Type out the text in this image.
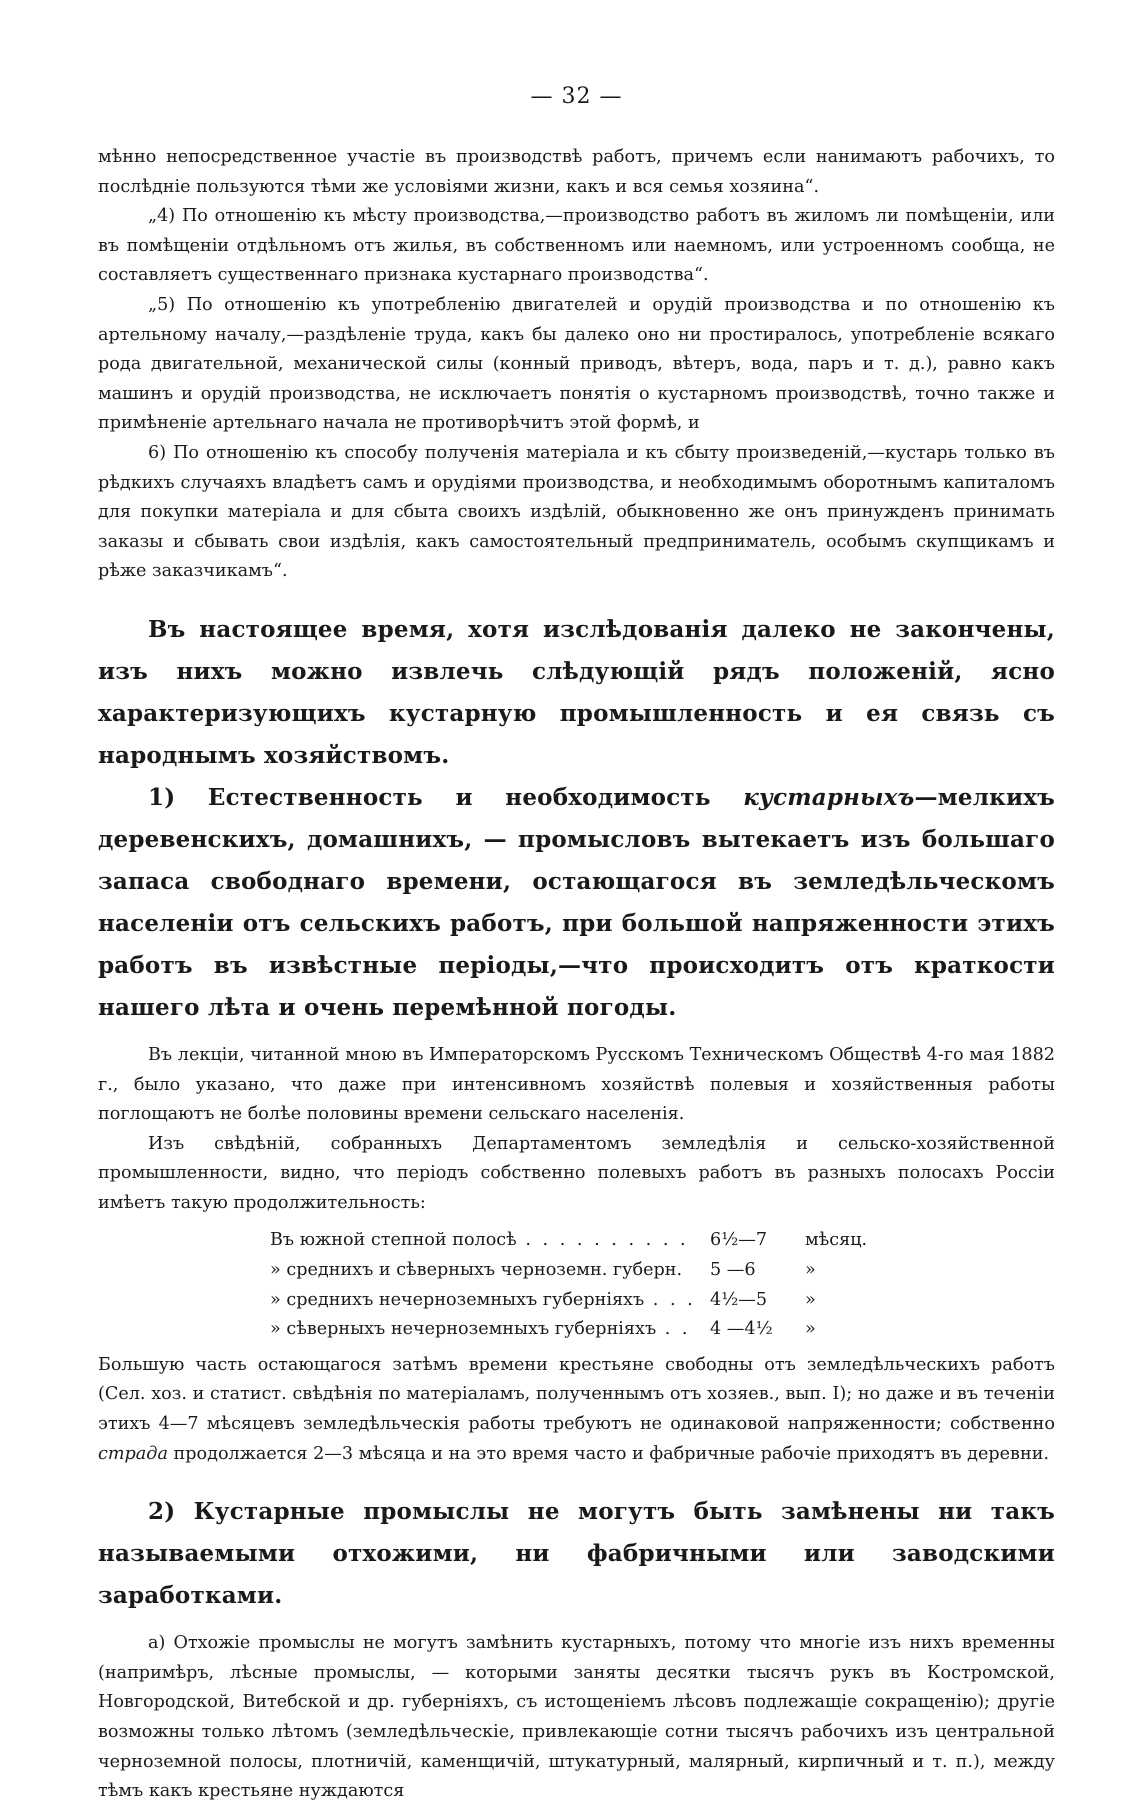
— 32 —

мѣнно непосредственное участіе въ производствѣ работъ, причемъ если нанимаютъ рабочихъ, то послѣдніе пользуются тѣми же условіями жизни, какъ и вся семья хозяина“.

„4) По отношенію къ мѣсту производства,—производство работъ въ жиломъ ли помѣщеніи, или въ помѣщеніи отдѣльномъ отъ жилья, въ собственномъ или наемномъ, или устроенномъ сообща, не составляетъ существеннаго признака кустарнаго производства“.

„5) По отношенію къ употребленію двигателей и орудій производства и по отношенію къ артельному началу,—раздѣленіе труда, какъ бы далеко оно ни простиралось, употребленіе всякаго рода двигательной, механической силы (конный приводъ, вѣтеръ, вода, паръ и т. д.), равно какъ машинъ и орудій производства, не исключаетъ понятія о кустарномъ производствѣ, точно также и примѣненіе артельнаго начала не противорѣчитъ этой формѣ, и

6) По отношенію къ способу полученія матеріала и къ сбыту произведеній,—кустарь только въ рѣдкихъ случаяхъ владѣетъ самъ и орудіями производства, и необходимымъ оборотнымъ капиталомъ для покупки матеріала и для сбыта своихъ издѣлій, обыкновенно же онъ принужденъ принимать заказы и сбывать свои издѣлія, какъ самостоятельный предприниматель, особымъ скупщикамъ и рѣже заказчикамъ“.

Въ настоящее время, хотя изслѣдованія далеко не закончены, изъ нихъ можно извлечь слѣдующій рядъ положеній, ясно характеризующихъ кустарную промышленность и ея связь съ народнымъ хозяйствомъ.

1) Естественность и необходимость кустарныхъ—мелкихъ деревенскихъ, домашнихъ, — промысловъ вытекаетъ изъ большаго запаса свободнаго времени, остающагося въ земледѣльческомъ населеніи отъ сельскихъ работъ, при большой напряженности этихъ работъ въ извѣстные періоды,—что происходитъ отъ краткости нашего лѣта и очень перемѣнной погоды.

Въ лекціи, читанной мною въ Императорскомъ Русскомъ Техническомъ Обществѣ 4-го мая 1882 г., было указано, что даже при интенсивномъ хозяйствѣ полевыя и хозяйственныя работы поглощаютъ не болѣе половины времени сельскаго населенія.

Изъ свѣдѣній, собранныхъ Департаментомъ земледѣлія и сельско-хозяйственной промышленности, видно, что періодъ собственно полевыхъ работъ въ разныхъ полосахъ Россіи имѣетъ такую продолжительность:

Въ южной степной полосѣ . . . . . . . . . .	6½—7	мѣсяц.
» среднихъ и сѣверныхъ черноземн. губерн.	5 —6	»
» среднихъ нечерноземныхъ губерніяхъ . . . 4½—5	»
» сѣверныхъ нечерноземныхъ губерніяхъ . .	4 —4½	»

Большую часть остающагося затѣмъ времени крестьяне свободны отъ земледѣльческихъ работъ (Сел. хоз. и статист. свѣдѣнія по матеріаламъ, полученнымъ отъ хозяев., вып. I); но даже и въ теченіи этихъ 4—7 мѣсяцевъ земледѣльческія работы требуютъ не одинаковой напряженности; собственно страда продолжается 2—3 мѣсяца и на это время часто и фабричные рабочіе приходятъ въ деревни.

2) Кустарные промыслы не могутъ быть замѣнены ни такъ называемыми отхожими, ни фабричными или заводскими заработками.

а) Отхожіе промыслы не могутъ замѣнить кустарныхъ, потому что многіе изъ нихъ временны (напримѣръ, лѣсные промыслы, — которыми заняты десятки тысячъ рукъ въ Костромской, Новгородской, Витебской и др. губерніяхъ, съ истощеніемъ лѣсовъ подлежащіе сокращенію); другіе возможны только лѣтомъ (земледѣльческіе, привлекающіе сотни тысячъ рабочихъ изъ центральной черноземной полосы, плотничій, каменщичій, штукатурный, малярный, кирпичный и т. п.), между тѣмъ какъ крестьяне нуждаются
